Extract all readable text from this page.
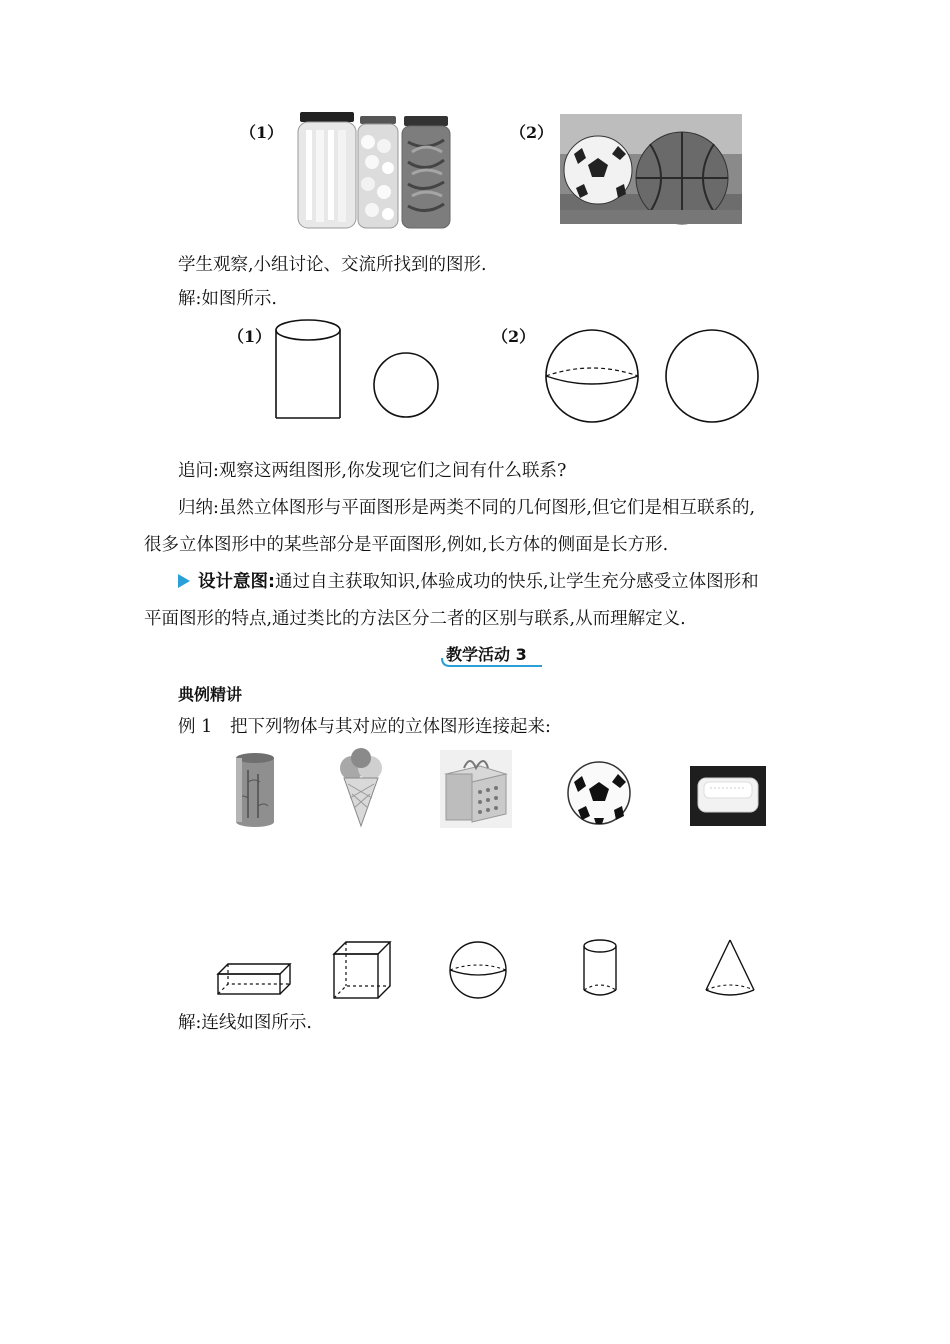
（1）	（2）
学生观察,小组讨论、交流所找到的图形.
解:如图所示.
（1）	（2）
追问:观察这两组图形,你发现它们之间有什么联系?
归纳:虽然立体图形与平面图形是两类不同的几何图形,但它们是相互联系的,
很多立体图形中的某些部分是平面图形,例如,长方体的侧面是长方形.
设计意图:通过自主获取知识,体验成功的快乐,让学生充分感受立体图形和
平面图形的特点,通过类比的方法区分二者的区别与联系,从而理解定义.
教学活动 3
典例精讲
例 1 把下列物体与其对应的立体图形连接起来:
解:连线如图所示.
